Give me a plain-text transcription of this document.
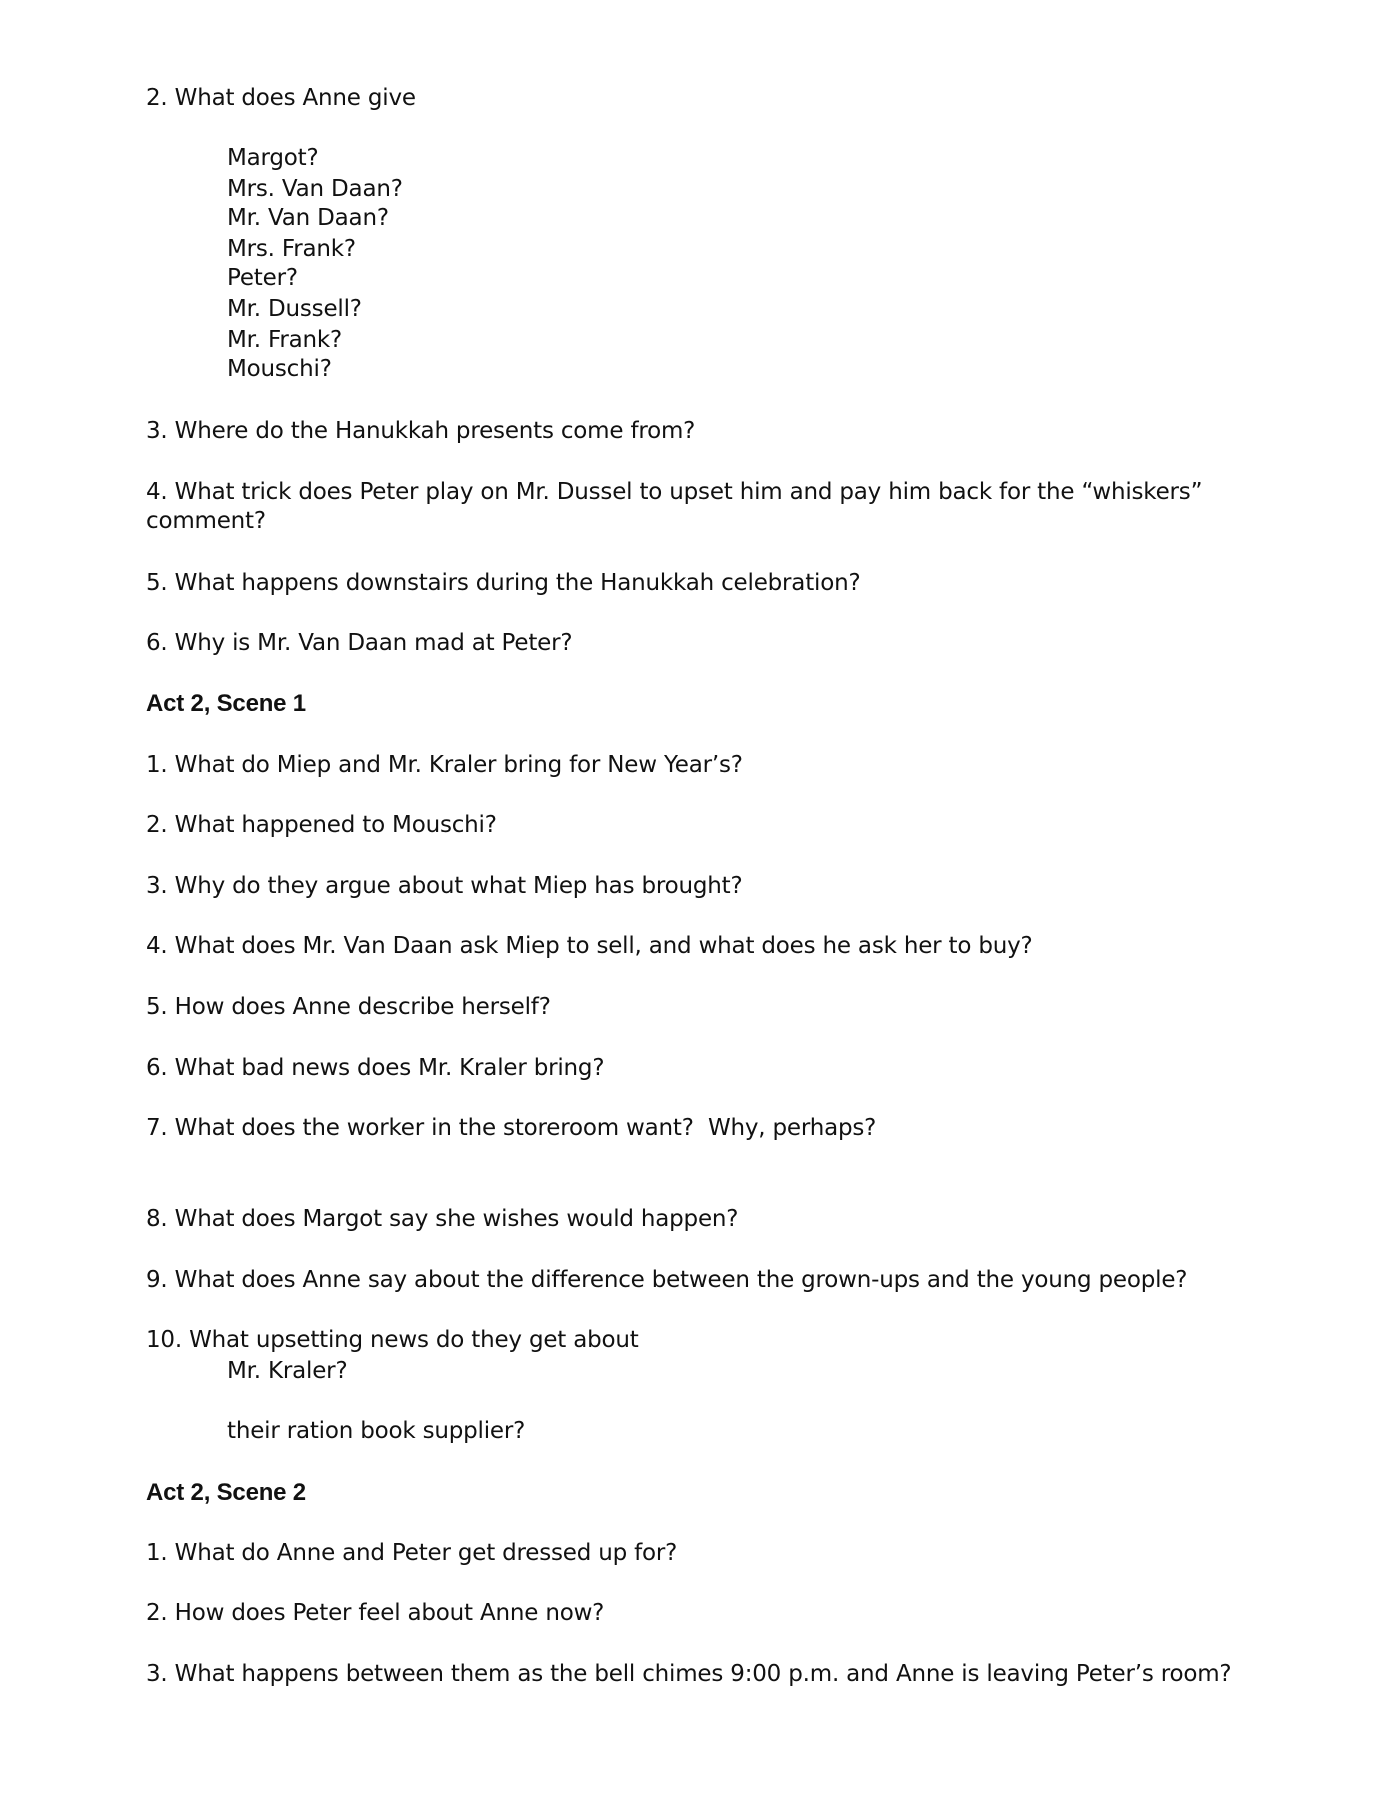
2. What does Anne give
Margot?
Mrs. Van Daan?
Mr. Van Daan?
Mrs. Frank?
Peter?
Mr. Dussell?
Mr. Frank?
Mouschi?
3. Where do the Hanukkah presents come from?
4. What trick does Peter play on Mr. Dussel to upset him and pay him back for the “whiskers”
comment?
5. What happens downstairs during the Hanukkah celebration?
6. Why is Mr. Van Daan mad at Peter?
Act 2, Scene 1
1. What do Miep and Mr. Kraler bring for New Year’s?
2. What happened to Mouschi?
3. Why do they argue about what Miep has brought?
4. What does Mr. Van Daan ask Miep to sell, and what does he ask her to buy?
5. How does Anne describe herself?
6. What bad news does Mr. Kraler bring?
7. What does the worker in the storeroom want?  Why, perhaps?
8. What does Margot say she wishes would happen?
9. What does Anne say about the difference between the grown-ups and the young people?
10. What upsetting news do they get about
Mr. Kraler?
their ration book supplier?
Act 2, Scene 2
1. What do Anne and Peter get dressed up for?
2. How does Peter feel about Anne now?
3. What happens between them as the bell chimes 9:00 p.m. and Anne is leaving Peter’s room?
